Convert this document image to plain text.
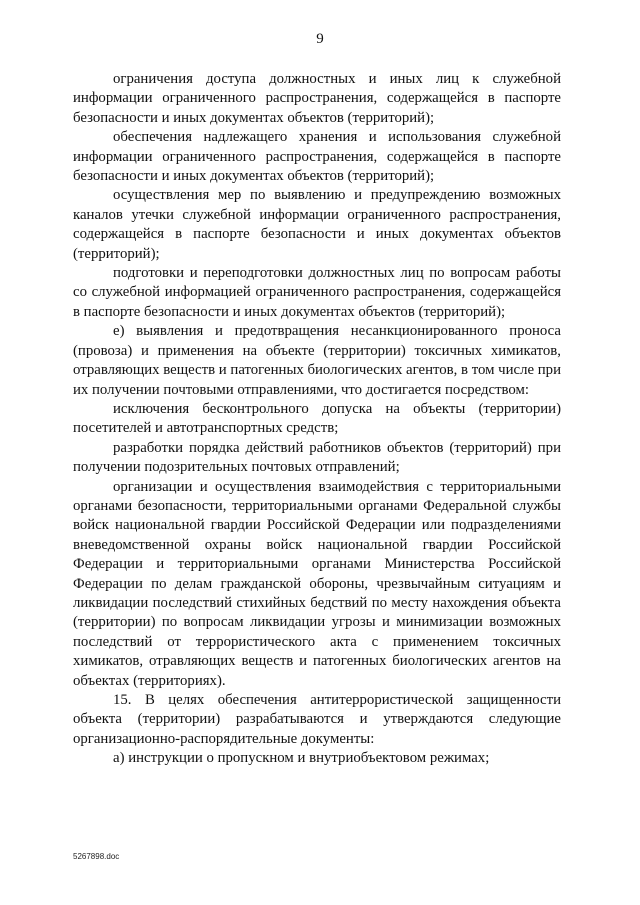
9

ограничения доступа должностных и иных лиц к служебной информации ограниченного распространения, содержащейся в паспорте безопасности и иных документах объектов (территорий);

обеспечения надлежащего хранения и использования служебной информации ограниченного распространения, содержащейся в паспорте безопасности и иных документах объектов (территорий);

осуществления мер по выявлению и предупреждению возможных каналов утечки служебной информации ограниченного распространения, содержащейся в паспорте безопасности и иных документах объектов (территорий);

подготовки и переподготовки должностных лиц по вопросам работы со служебной информацией ограниченного распространения, содержащейся в паспорте безопасности и иных документах объектов (территорий);

е) выявления и предотвращения несанкционированного проноса (провоза) и применения на объекте (территории) токсичных химикатов, отравляющих веществ и патогенных биологических агентов, в том числе при их получении почтовыми отправлениями, что достигается посредством:

исключения бесконтрольного допуска на объекты (территории) посетителей и автотранспортных средств;

разработки порядка действий работников объектов (территорий) при получении подозрительных почтовых отправлений;

организации и осуществления взаимодействия с территориальными органами безопасности, территориальными органами Федеральной службы войск национальной гвардии Российской Федерации или подразделениями вневедомственной охраны войск национальной гвардии Российской Федерации и территориальными органами Министерства Российской Федерации по делам гражданской обороны, чрезвычайным ситуациям и ликвидации последствий стихийных бедствий по месту нахождения объекта (территории) по вопросам ликвидации угрозы и минимизации возможных последствий от террористического акта с применением токсичных химикатов, отравляющих веществ и патогенных биологических агентов на объектах (территориях).

15. В целях обеспечения антитеррористической защищенности объекта (территории) разрабатываются и утверждаются следующие организационно-распорядительные документы:

а) инструкции о пропускном и внутриобъектовом режимах;

5267898.doc
